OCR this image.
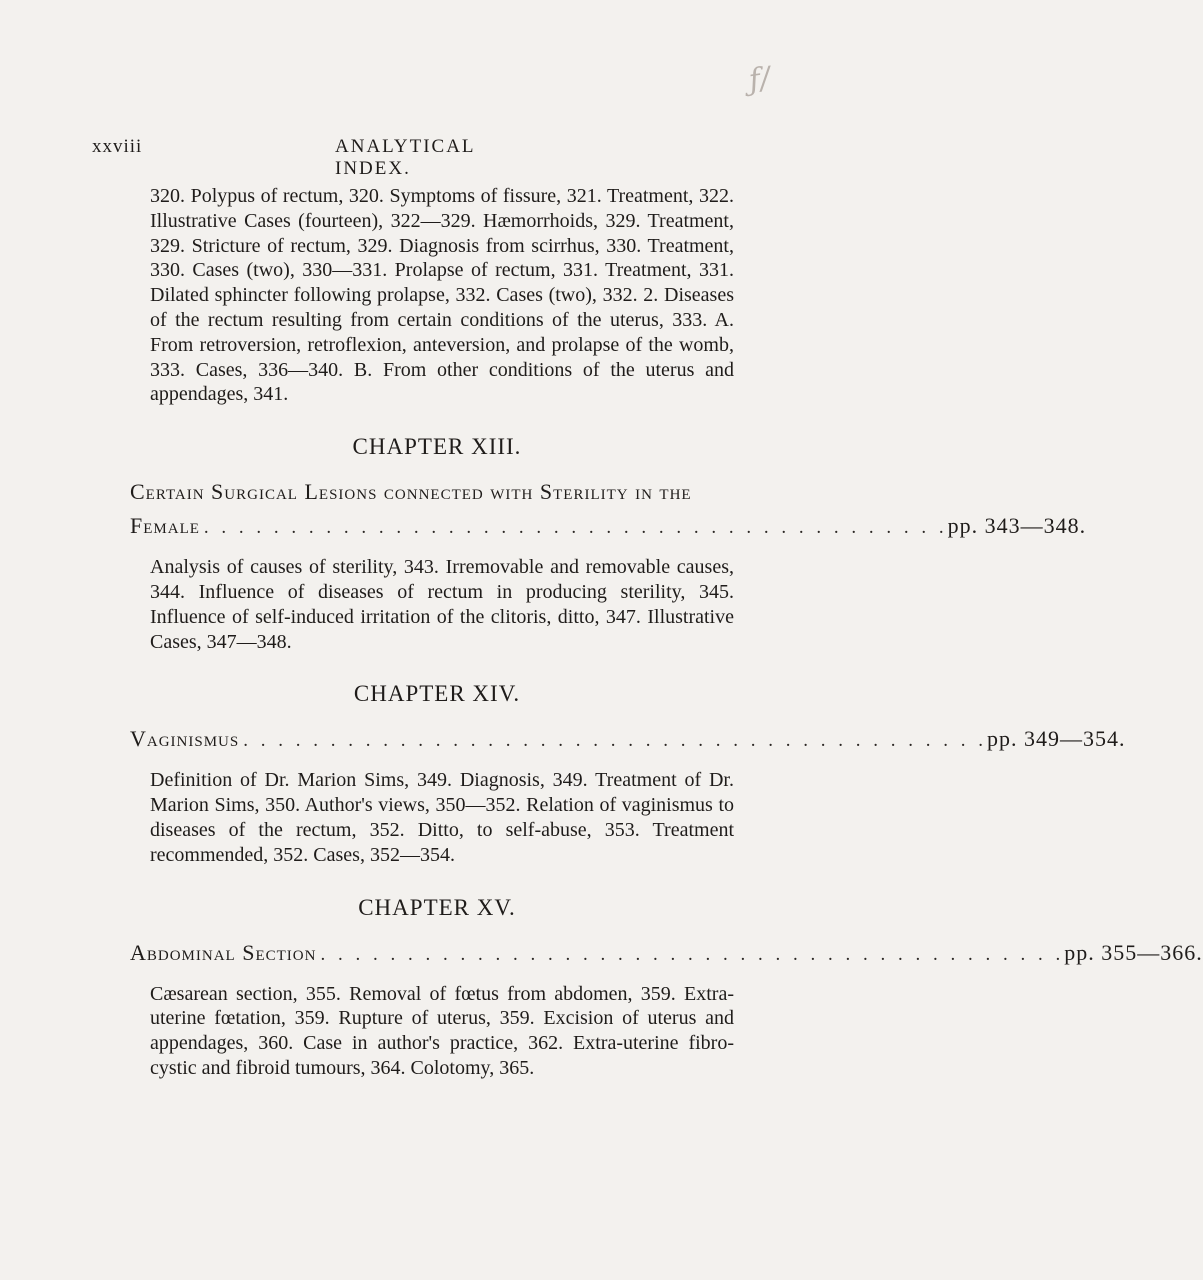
ƒ/
xxviii	ANALYTICAL INDEX.

320. Polypus of rectum, 320. Symptoms of fissure, 321. Treatment, 322. Illustrative Cases (fourteen), 322—329. Hæmorrhoids, 329. Treatment, 329. Stricture of rectum, 329. Diagnosis from scirrhus, 330. Treatment, 330. Cases (two), 330—331. Prolapse of rectum, 331. Treatment, 331. Dilated sphincter following prolapse, 332. Cases (two), 332. 2. Diseases of the rectum resulting from certain conditions of the uterus, 333. A. From retroversion, retroflexion, anteversion, and prolapse of the womb, 333. Cases, 336—340. B. From other conditions of the uterus and appendages, 341.

CHAPTER XIII.
Certain Surgical Lesions connected with Sterility in the
Female . . . . . . . . . . . . . . . . . . . . . . . . . . . . . . . . . . . . . . . . . . . pp. 343—348.

Analysis of causes of sterility, 343. Irremovable and removable causes, 344. Influence of diseases of rectum in producing sterility, 345. Influence of self-induced irritation of the clitoris, ditto, 347. Illustrative Cases, 347—348.

CHAPTER XIV.
Vaginismus . . . . . . . . . . . . . . . . . . . . . . . . . . . . . . . . . . . . . . . . . . . pp. 349—354.

Definition of Dr. Marion Sims, 349. Diagnosis, 349. Treatment of Dr. Marion Sims, 350. Author's views, 350—352. Relation of vaginismus to diseases of the rectum, 352. Ditto, to self-abuse, 353. Treatment recommended, 352. Cases, 352—354.

CHAPTER XV.
Abdominal Section . . . . . . . . . . . . . . . . . . . . . . . . . . . . . . . . . . . . . . . . . . . pp. 355—366.

Cæsarean section, 355. Removal of fœtus from abdomen, 359. Extra-uterine fœtation, 359. Rupture of uterus, 359. Excision of uterus and appendages, 360. Case in author's practice, 362. Extra-uterine fibro-cystic and fibroid tumours, 364. Colotomy, 365.
